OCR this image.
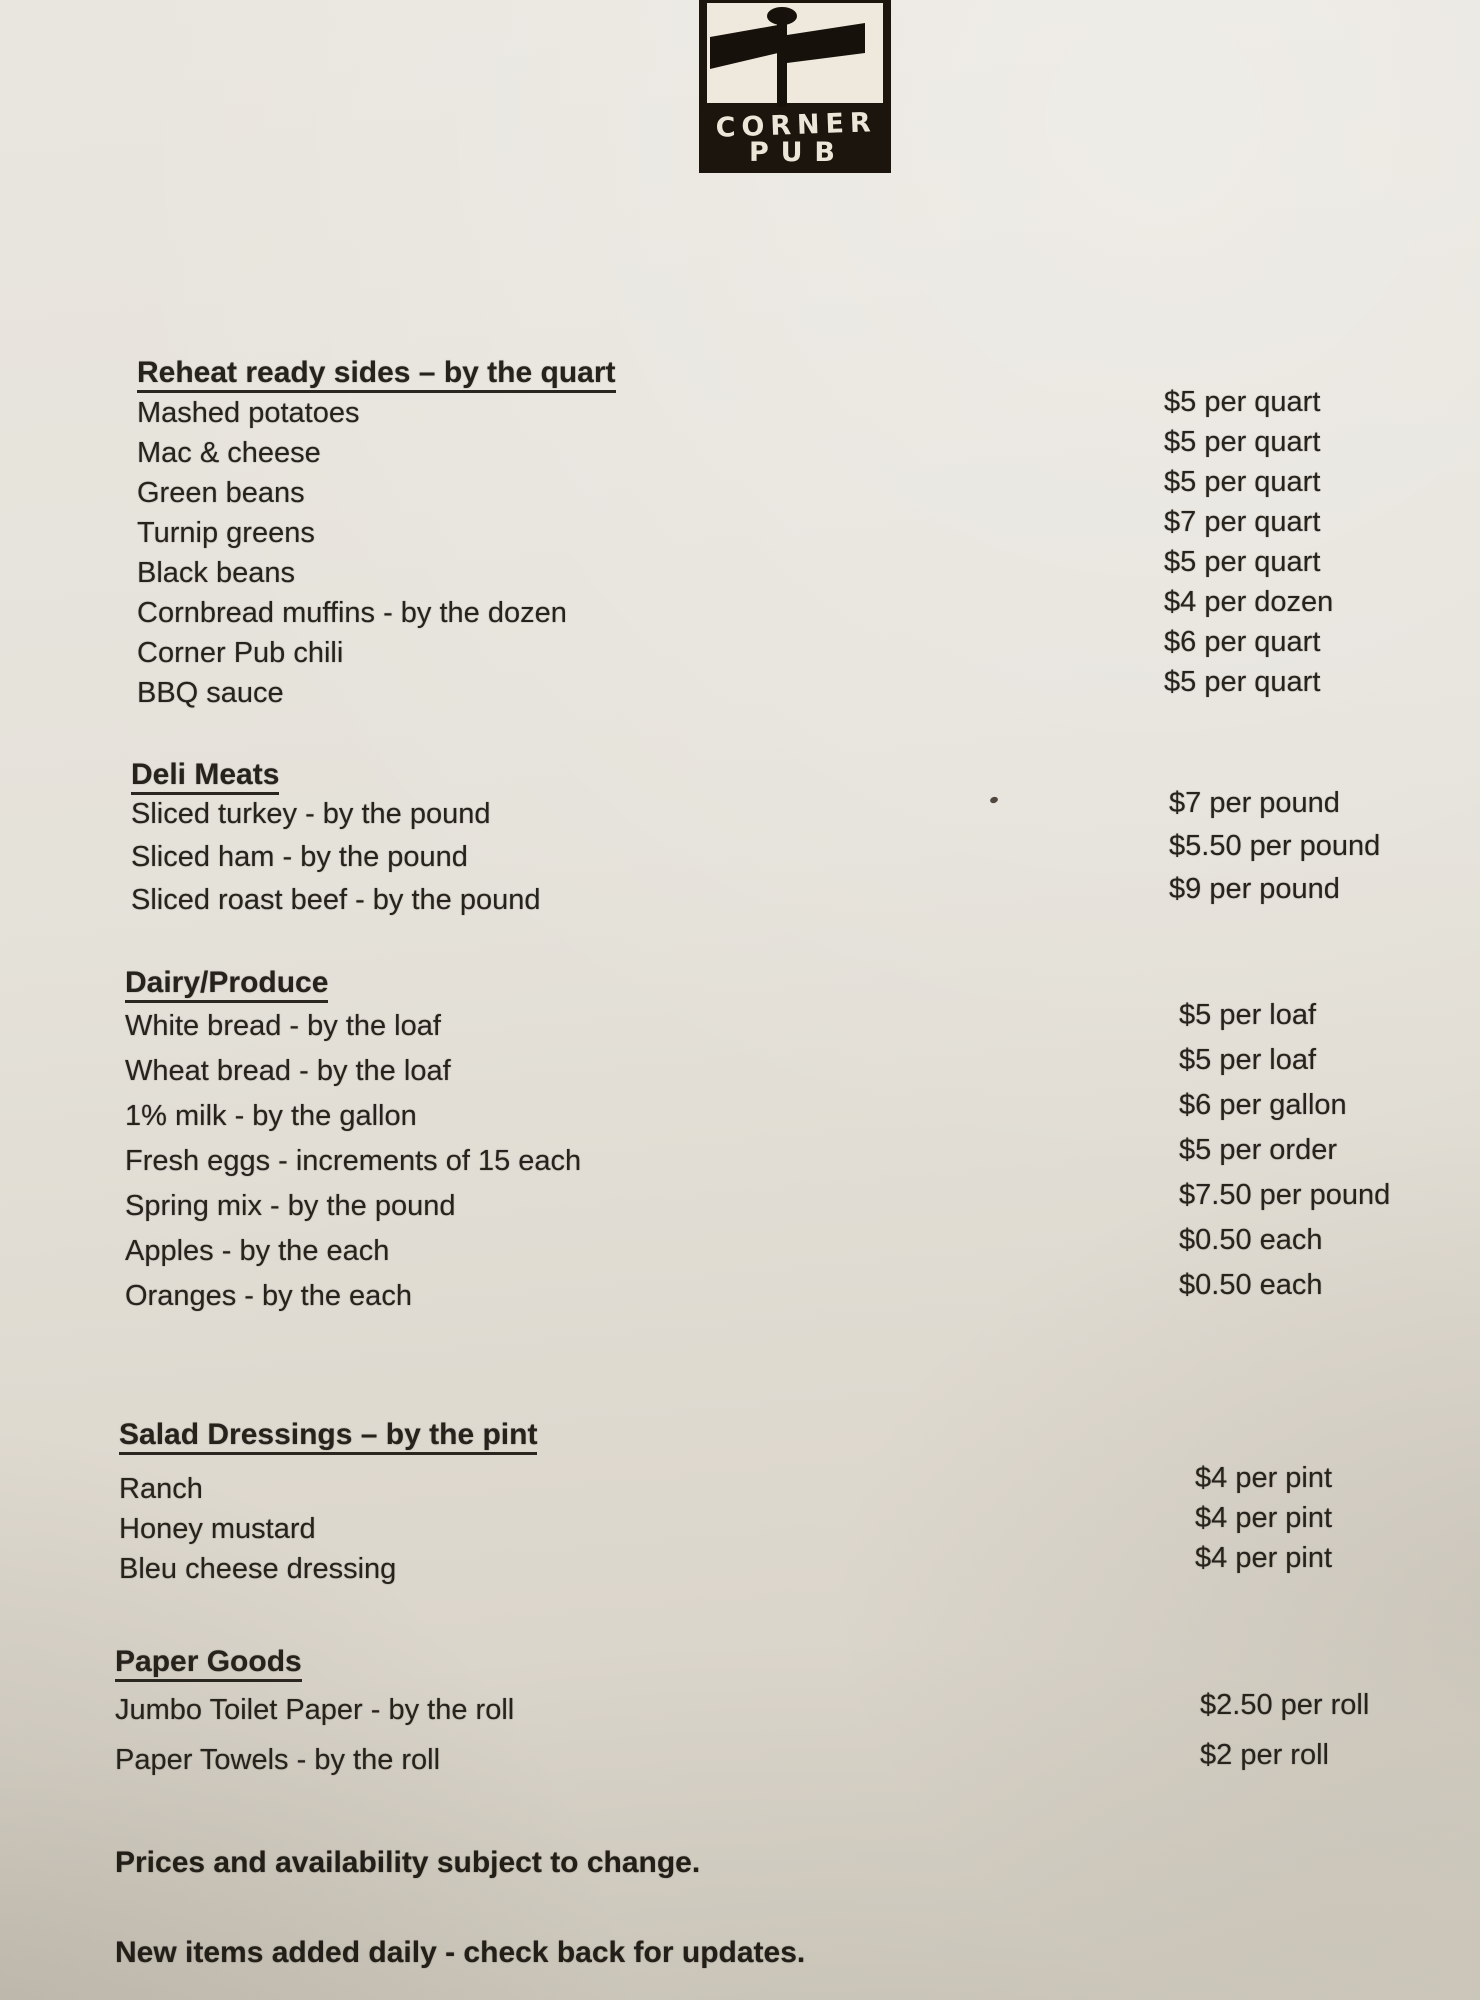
CORNER
PUB
Reheat ready sides – by the quart
Mashed potatoes	$5 per quart
Mac & cheese	$5 per quart
Green beans	$5 per quart
Turnip greens	$7 per quart
Black beans	$5 per quart
Cornbread muffins - by the dozen	$4 per dozen
Corner Pub chili	$6 per quart
BBQ sauce	$5 per quart
Deli Meats
Sliced turkey - by the pound	$7 per pound
Sliced ham - by the pound	$5.50 per pound
Sliced roast beef - by the pound	$9 per pound
Dairy/Produce
White bread - by the loaf	$5 per loaf
Wheat bread - by the loaf	$5 per loaf
1% milk - by the gallon	$6 per gallon
Fresh eggs - increments of 15 each	$5 per order
Spring mix - by the pound	$7.50 per pound
Apples - by the each	$0.50 each
Oranges - by the each	$0.50 each
Salad Dressings – by the pint
Ranch	$4 per pint
Honey mustard	$4 per pint
Bleu cheese dressing	$4 per pint
Paper Goods
Jumbo Toilet Paper - by the roll	$2.50 per roll
Paper Towels - by the roll	$2 per roll
Prices and availability subject to change.
New items added daily - check back for updates.
